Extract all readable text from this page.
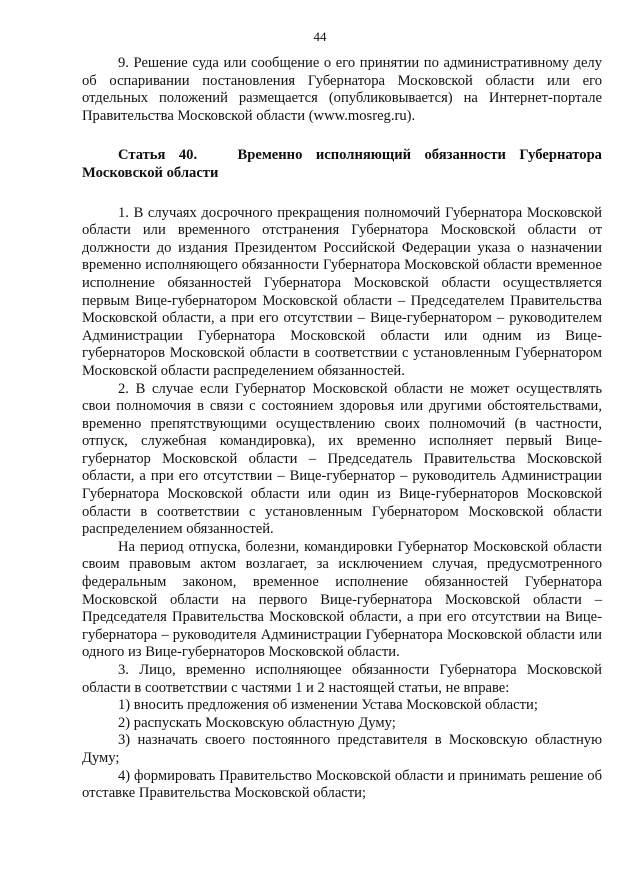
44

9. Решение суда или сообщение о его принятии по административному делу об оспаривании постановления Губернатора Московской области или его отдельных положений размещается (опубликовывается) на Интернет-портале Правительства Московской области (www.mosreg.ru).

Статья 40.	Временно исполняющий обязанности Губернатора Московской области

1. В случаях досрочного прекращения полномочий Губернатора Московской области или временного отстранения Губернатора Московской области от должности до издания Президентом Российской Федерации указа о назначении временно исполняющего обязанности Губернатора Московской области временное исполнение обязанностей Губернатора Московской области осуществляется первым Вице-губернатором Московской области – Председателем Правительства Московской области, а при его отсутствии – Вице-губернатором – руководителем Администрации Губернатора Московской области или одним из Вице-губернаторов Московской области в соответствии с установленным Губернатором Московской области распределением обязанностей.

2. В случае если Губернатор Московской области не может осуществлять свои полномочия в связи с состоянием здоровья или другими обстоятельствами, временно препятствующими осуществлению своих полномочий (в частности, отпуск, служебная командировка), их временно исполняет первый Вице-губернатор Московской области – Председатель Правительства Московской области, а при его отсутствии – Вице-губернатор – руководитель Администрации Губернатора Московской области или один из Вице-губернаторов Московской области в соответствии с установленным Губернатором Московской области распределением обязанностей.

На период отпуска, болезни, командировки Губернатор Московской области своим правовым актом возлагает, за исключением случая, предусмотренного федеральным законом, временное исполнение обязанностей Губернатора Московской области на первого Вице-губернатора Московской области – Председателя Правительства Московской области, а при его отсутствии на Вице-губернатора – руководителя Администрации Губернатора Московской области или одного из Вице-губернаторов Московской области.

3. Лицо, временно исполняющее обязанности Губернатора Московской области в соответствии с частями 1 и 2 настоящей статьи, не вправе:

1) вносить предложения об изменении Устава Московской области;

2) распускать Московскую областную Думу;

3) назначать своего постоянного представителя в Московскую областную Думу;

4) формировать Правительство Московской области и принимать решение об отставке Правительства Московской области;
